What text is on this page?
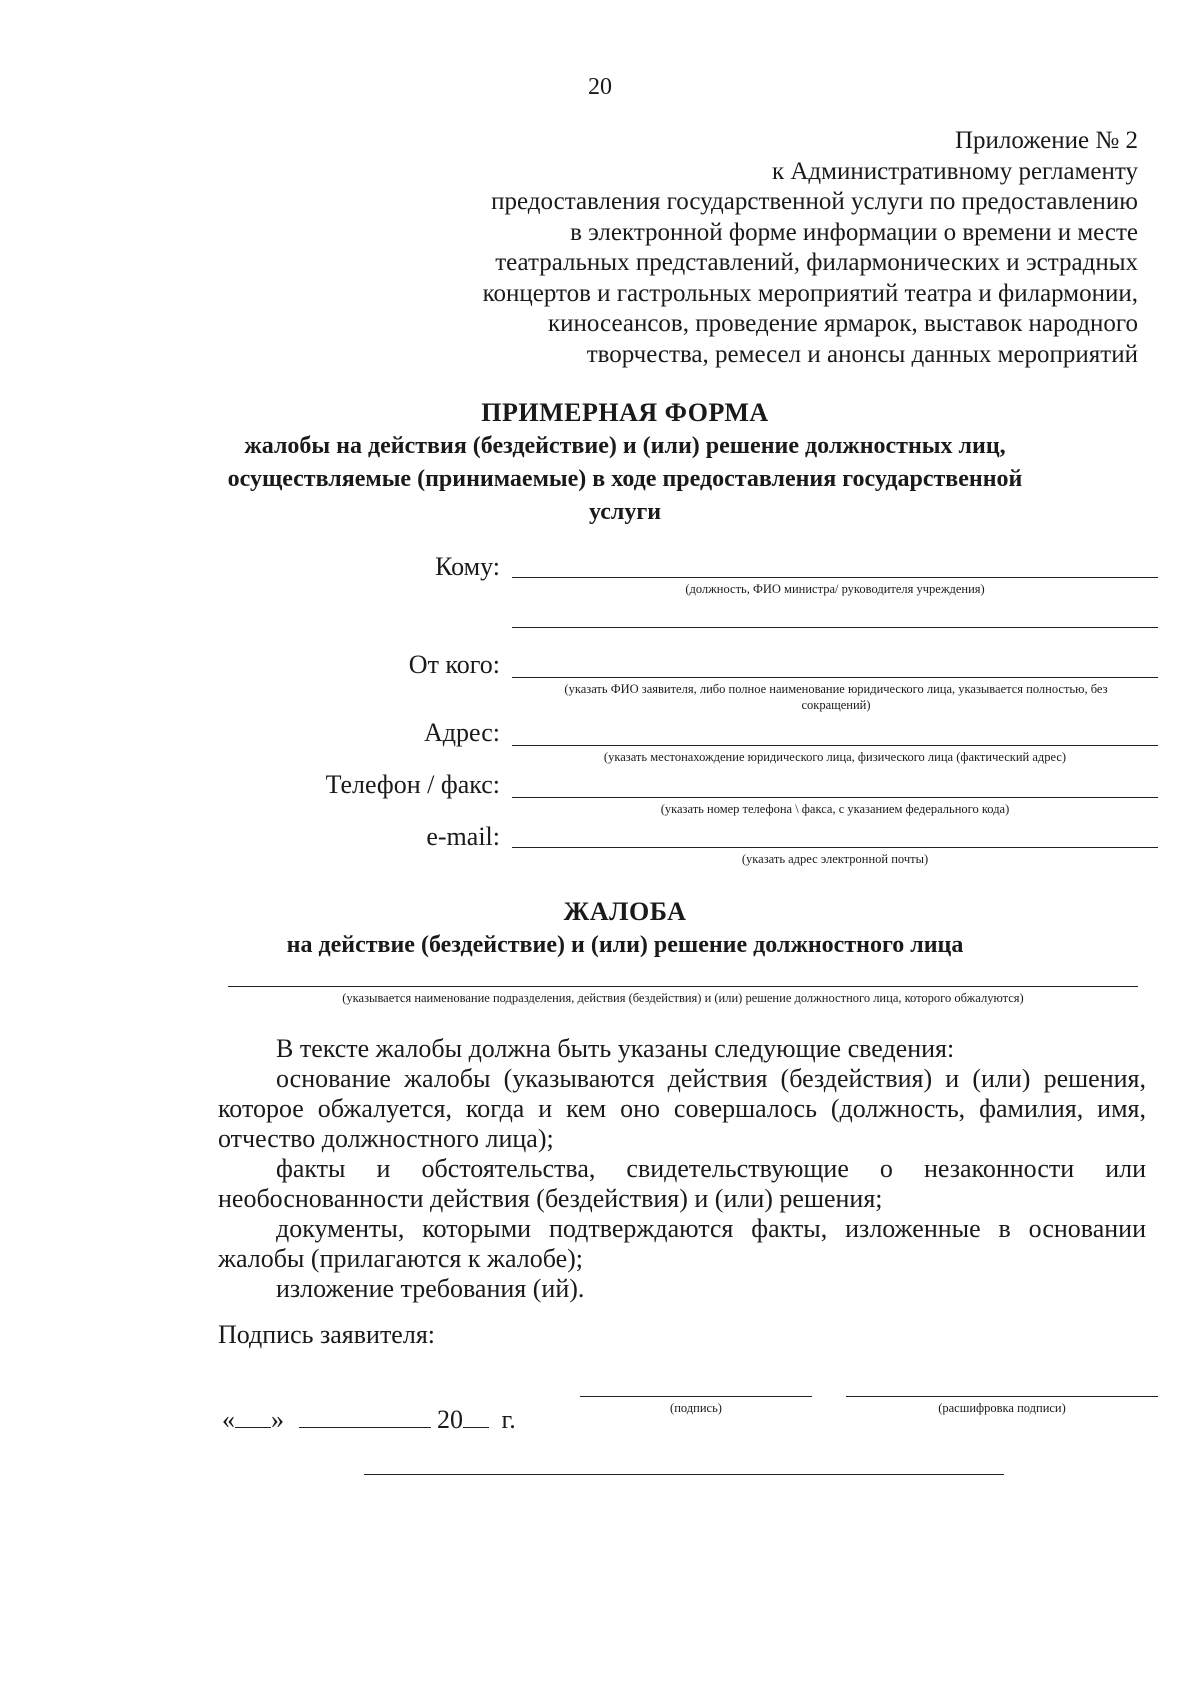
20
Приложение № 2
к Административному регламенту
предоставления государственной услуги по предоставлению
в электронной форме информации о времени и месте
театральных представлений, филармонических и эстрадных
концертов и гастрольных мероприятий театра и филармонии,
киносеансов, проведение ярмарок, выставок народного
творчества, ремесел и анонсы данных мероприятий
ПРИМЕРНАЯ ФОРМА
жалобы на действия (бездействие) и (или) решение должностных лиц,
осуществляемые (принимаемые) в ходе предоставления государственной
услуги
Кому:
(должность, ФИО министра/ руководителя учреждения)
От кого:
(указать ФИО заявителя, либо полное наименование юридического лица, указывается полностью, без сокращений)
Адрес:
(указать местонахождение юридического лица, физического лица (фактический адрес)
Телефон / факс:
(указать номер телефона \ факса, с указанием федерального кода)
e-mail:
(указать адрес электронной почты)
ЖАЛОБА
на действие (бездействие) и (или) решение должностного лица
(указывается наименование подразделения, действия (бездействия) и (или) решение должностного лица, которого обжалуются)

В тексте жалобы должна быть указаны следующие сведения:

основание жалобы (указываются действия (бездействия) и (или) решения, которое обжалуется, когда и кем оно совершалось (должность, фамилия, имя, отчество должностного лица);

факты и обстоятельства, свидетельствующие о незаконности или

необоснованности действия (бездействия) и (или) решения;

документы, которыми подтверждаются факты, изложенные в основании жалобы (прилагаются к жалобе);

изложение требования (ий).

Подпись заявителя:
(подпись)	(расшифровка подписи)
« »	20 г.
